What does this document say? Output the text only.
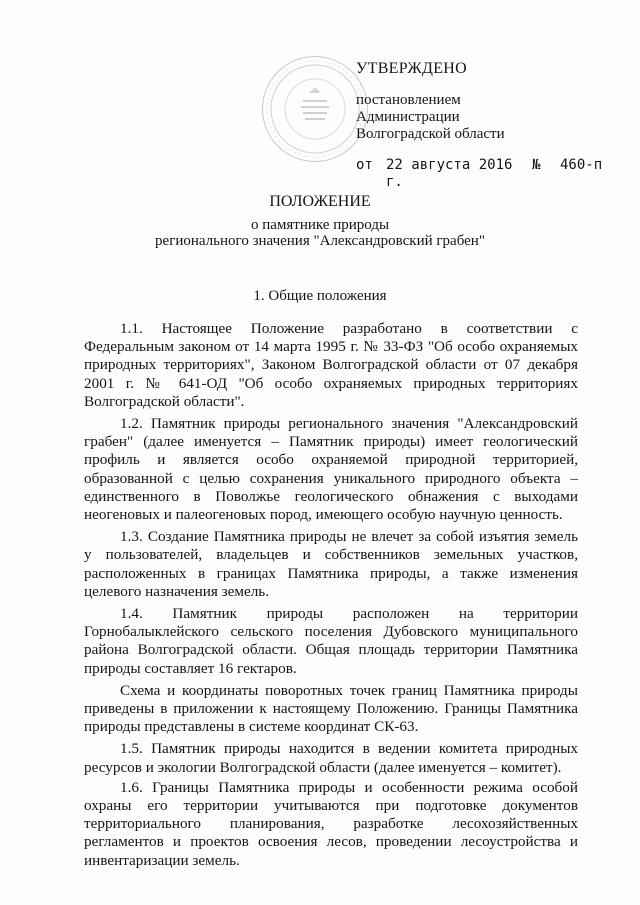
УТВЕРЖДЕНО
постановлением
Администрации
Волгоградской области
от 22 августа 2016 г.
№	460-п
ПОЛОЖЕНИЕ
о памятнике природы
регионального значения "Александровский грабен"
1. Общие положения

1.1. Настоящее Положение разработано в соответствии с Федеральным законом от 14 марта 1995 г. № 33-ФЗ "Об особо охраняемых природных территориях", Законом Волгоградской области от 07 декабря 2001 г. № 641-ОД "Об особо охраняемых природных территориях Волгоградской области".

1.2. Памятник природы регионального значения "Александровский грабен" (далее именуется – Памятник природы) имеет геологический профиль и является особо охраняемой природной территорией, образованной с целью сохранения уникального природного объекта – единственного в Поволжье геологического обнажения с выходами неогеновых и палеогеновых пород, имеющего особую научную ценность.

1.3. Создание Памятника природы не влечет за собой изъятия земель у пользователей, владельцев и собственников земельных участков, расположенных в границах Памятника природы, а также изменения целевого назначения земель.

1.4. Памятник природы расположен на территории Горнобалыклейского сельского поселения Дубовского муниципального района Волгоградской области. Общая площадь территории Памятника природы составляет 16 гектаров.

Схема и координаты поворотных точек границ Памятника природы приведены в приложении к настоящему Положению. Границы Памятника природы представлены в системе координат СК-63.

1.5. Памятник природы находится в ведении комитета природных ресурсов и экологии Волгоградской области (далее именуется – комитет).

1.6. Границы Памятника природы и особенности режима особой охраны его территории учитываются при подготовке документов территориального планирования, разработке лесохозяйственных регламентов и проектов освоения лесов, проведении лесоустройства и инвентаризации земель.
